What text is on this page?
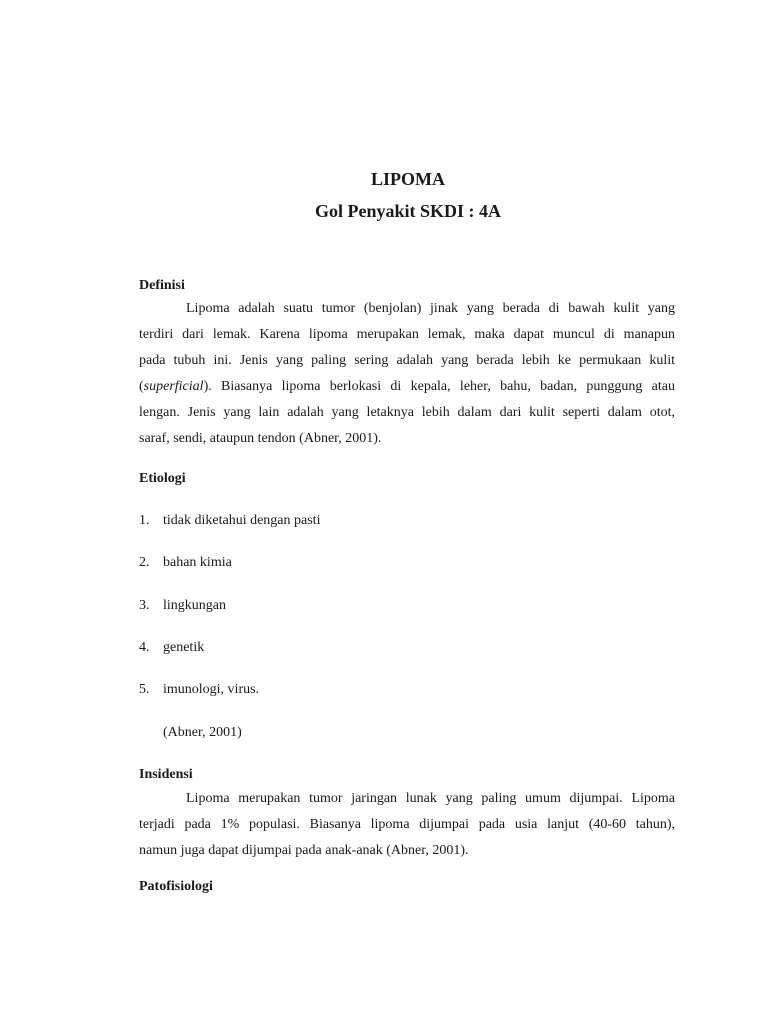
LIPOMA
Gol Penyakit SKDI : 4A
Definisi
Lipoma adalah suatu tumor (benjolan) jinak yang berada di bawah kulit yang
terdiri dari lemak. Karena lipoma merupakan lemak, maka dapat muncul di manapun
pada tubuh ini. Jenis yang paling sering adalah yang berada lebih ke permukaan kulit
(superficial). Biasanya lipoma berlokasi di kepala, leher, bahu, badan, punggung atau
lengan. Jenis yang lain adalah yang letaknya lebih dalam dari kulit seperti dalam otot,
saraf, sendi, ataupun tendon (Abner, 2001).
Etiologi

1. tidak diketahui dengan pasti

2. bahan kimia

3. lingkungan

4. genetik

5. imunologi, virus.

(Abner, 2001)

Insidensi
Lipoma merupakan tumor jaringan lunak yang paling umum dijumpai. Lipoma
terjadi pada 1% populasi. Biasanya lipoma dijumpai pada usia lanjut (40-60 tahun),
namun juga dapat dijumpai pada anak-anak (Abner, 2001).
Patofisiologi
